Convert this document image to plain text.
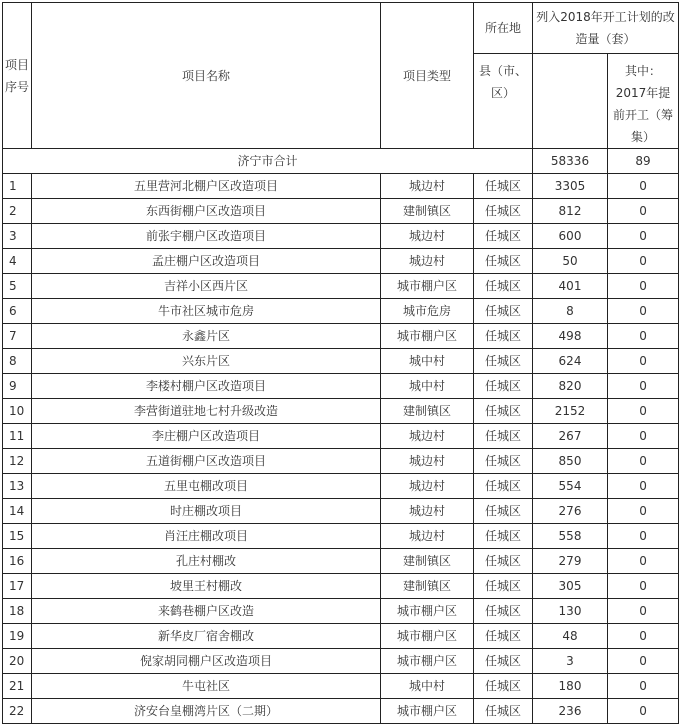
项目序号	项目名称	项目类型	所在地	列入2018年开工计划的改造量（套）	
			县（市、区）		其中：2017年提前开工（筹集）
济宁市合计				58336	89
1	五里营河北棚户区改造项目	城边村	任城区	3305	0
2	东西街棚户区改造项目	建制镇区	任城区	812	0
3	前张宇棚户区改造项目	城边村	任城区	600	0
4	孟庄棚户区改造项目	城边村	任城区	50	0
5	吉祥小区西片区	城市棚户区	任城区	401	0
6	牛市社区城市危房	城市危房	任城区	8	0
7	永鑫片区	城市棚户区	任城区	498	0
8	兴东片区	城中村	任城区	624	0
9	李楼村棚户区改造项目	城中村	任城区	820	0
10	李营街道驻地七村升级改造	建制镇区	任城区	2152	0
11	李庄棚户区改造项目	城边村	任城区	267	0
12	五道街棚户区改造项目	城边村	任城区	850	0
13	五里屯棚改项目	城边村	任城区	554	0
14	时庄棚改项目	城边村	任城区	276	0
15	肖汪庄棚改项目	城边村	任城区	558	0
16	孔庄村棚改	建制镇区	任城区	279	0
17	坡里王村棚改	建制镇区	任城区	305	0
18	来鹤巷棚户区改造	城市棚户区	任城区	130	0
19	新华皮厂宿舍棚改	城市棚户区	任城区	48	0
20	倪家胡同棚户区改造项目	城市棚户区	任城区	3	0
21	牛屯社区	城中村	任城区	180	0
22	济安台皇棚湾片区（二期）	城市棚户区	任城区	236	0
